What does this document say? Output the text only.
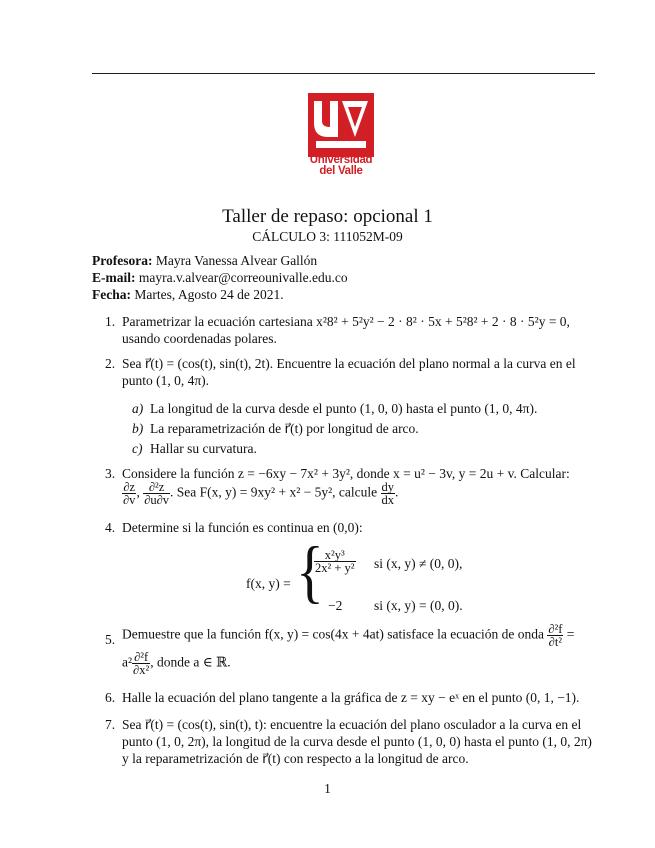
Universidad
del Valle
Taller de repaso: opcional 1
CÁLCULO 3: 111052M-09
Profesora: Mayra Vanessa Alvear Gallón
E-mail: mayra.v.alvear@correounivalle.edu.co
Fecha: Martes, Agosto 24 de 2021.
1. Parametrizar la ecuación cartesiana x²8² + 5²y² − 2 · 8² · 5x + 5²8² + 2 · 8 · 5²y = 0,
usando coordenadas polares.
2. Sea r⃗(t) = (cos(t), sin(t), 2t). Encuentre la ecuación del plano normal a la curva en el
punto (1, 0, 4π).
a) La longitud de la curva desde el punto (1, 0, 0) hasta el punto (1, 0, 4π).
b) La reparametrización de r⃗(t) por longitud de arco.
c) Hallar su curvatura.
3. Considere la función z = −6xy − 7x² + 3y², donde x = u² − 3v, y = 2u + v. Calcular:
$\frac{\partial z}{\partial v}$ , $\frac{\text{∂²z}}{\partial u\partial v}$ . Sea F(x, y) = 9xy² + x² − 5y², calcule $\frac{dy}{dx}$ .
4. Determine si la función es continua en (0,0):
f(x, y) = {
$\frac{\text{x²y³}}{\text{2x² + y²}}$ si (x, y) ≠ (0, 0),
−2 si (x, y) = (0, 0).
5. Demuestre que la función f(x, y) = cos(4x + 4at) satisface la ecuación de onda $\frac{\text{∂²f}}{\text{∂t²}}$ =
$a^2 \frac{\text{∂²f}}{\text{∂x²}}$ , donde a ∈ ℝ.
6. Halle la ecuación del plano tangente a la gráfica de z = xy − eˣ en el punto (0, 1, −1).
7. Sea r⃗(t) = (cos(t), sin(t), t): encuentre la ecuación del plano osculador a la curva en el
punto (1, 0, 2π), la longitud de la curva desde el punto (1, 0, 0) hasta el punto (1, 0, 2π)
y la reparametrización de r⃗(t) con respecto a la longitud de arco.
1
